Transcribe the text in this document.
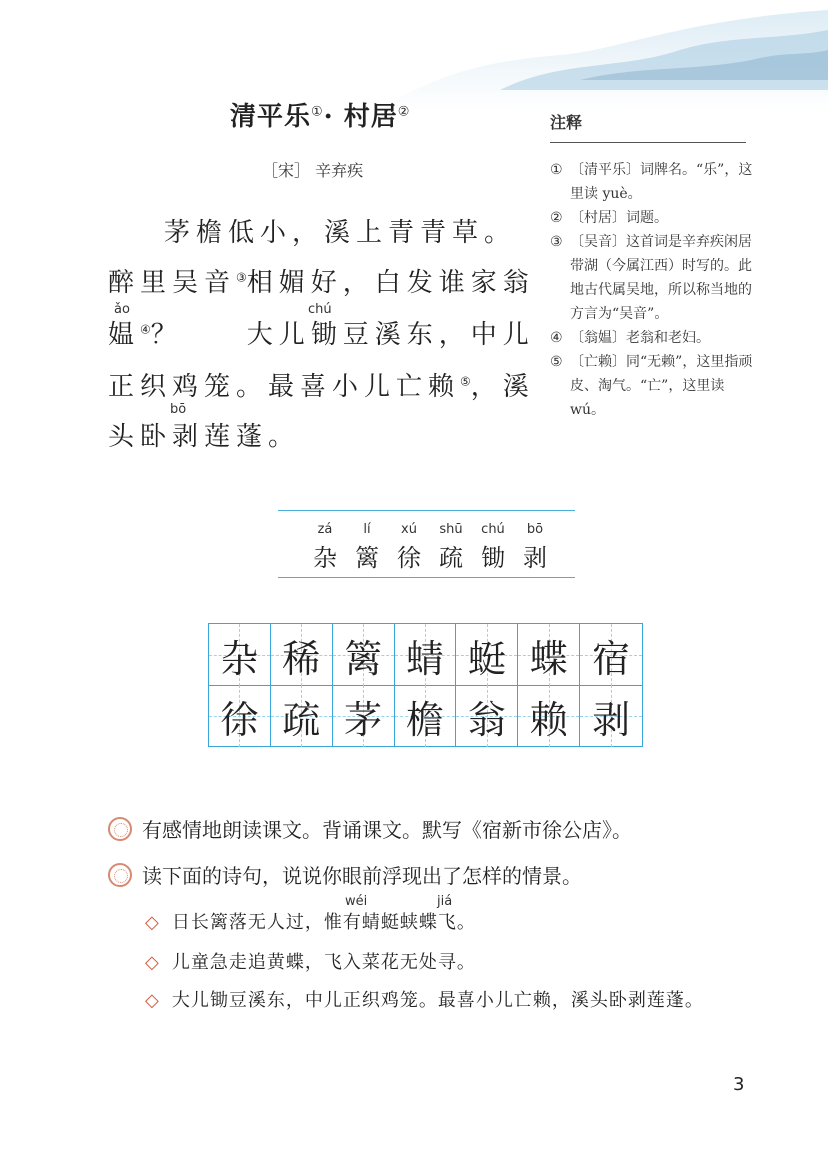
清平乐①· 村居②
［宋］ 辛弃疾
茅檐低小，溪上青青草。
醉里吴音③相媚好，白发谁家翁
ǎo	chú
媪④？　　大儿锄豆溪东，中儿
正织鸡笼。最喜小儿亡赖⑤，溪
bō
头卧剥莲蓬。
注释
① 〔清平乐〕词牌名。“乐”，这里读 yuè。
② 〔村居〕词题。
③ 〔吴音〕这首词是辛弃疾闲居带湖（今属江西）时写的。此地古代属吴地，所以称当地的方言为“吴音”。
④ 〔翁媪〕老翁和老妇。
⑤ 〔亡赖〕同“无赖”，这里指顽皮、淘气。“亡”，这里读 wú。
zá
杂
lí
篱
xú
徐
shū
疏
chú
锄
bō
剥
杂 稀 篱 蜻 蜓 蝶 宿
徐 疏 茅 檐 翁 赖 剥
有感情地朗读课文。背诵课文。默写《宿新市徐公店》。
读下面的诗句，说说你眼前浮现出了怎样的情景。
wéi	jiá
◇ 日长篱落无人过，惟有蜻蜓蛱蝶飞。
◇ 儿童急走追黄蝶，飞入菜花无处寻。
◇ 大儿锄豆溪东，中儿正织鸡笼。最喜小儿亡赖，溪头卧剥莲蓬。
3
